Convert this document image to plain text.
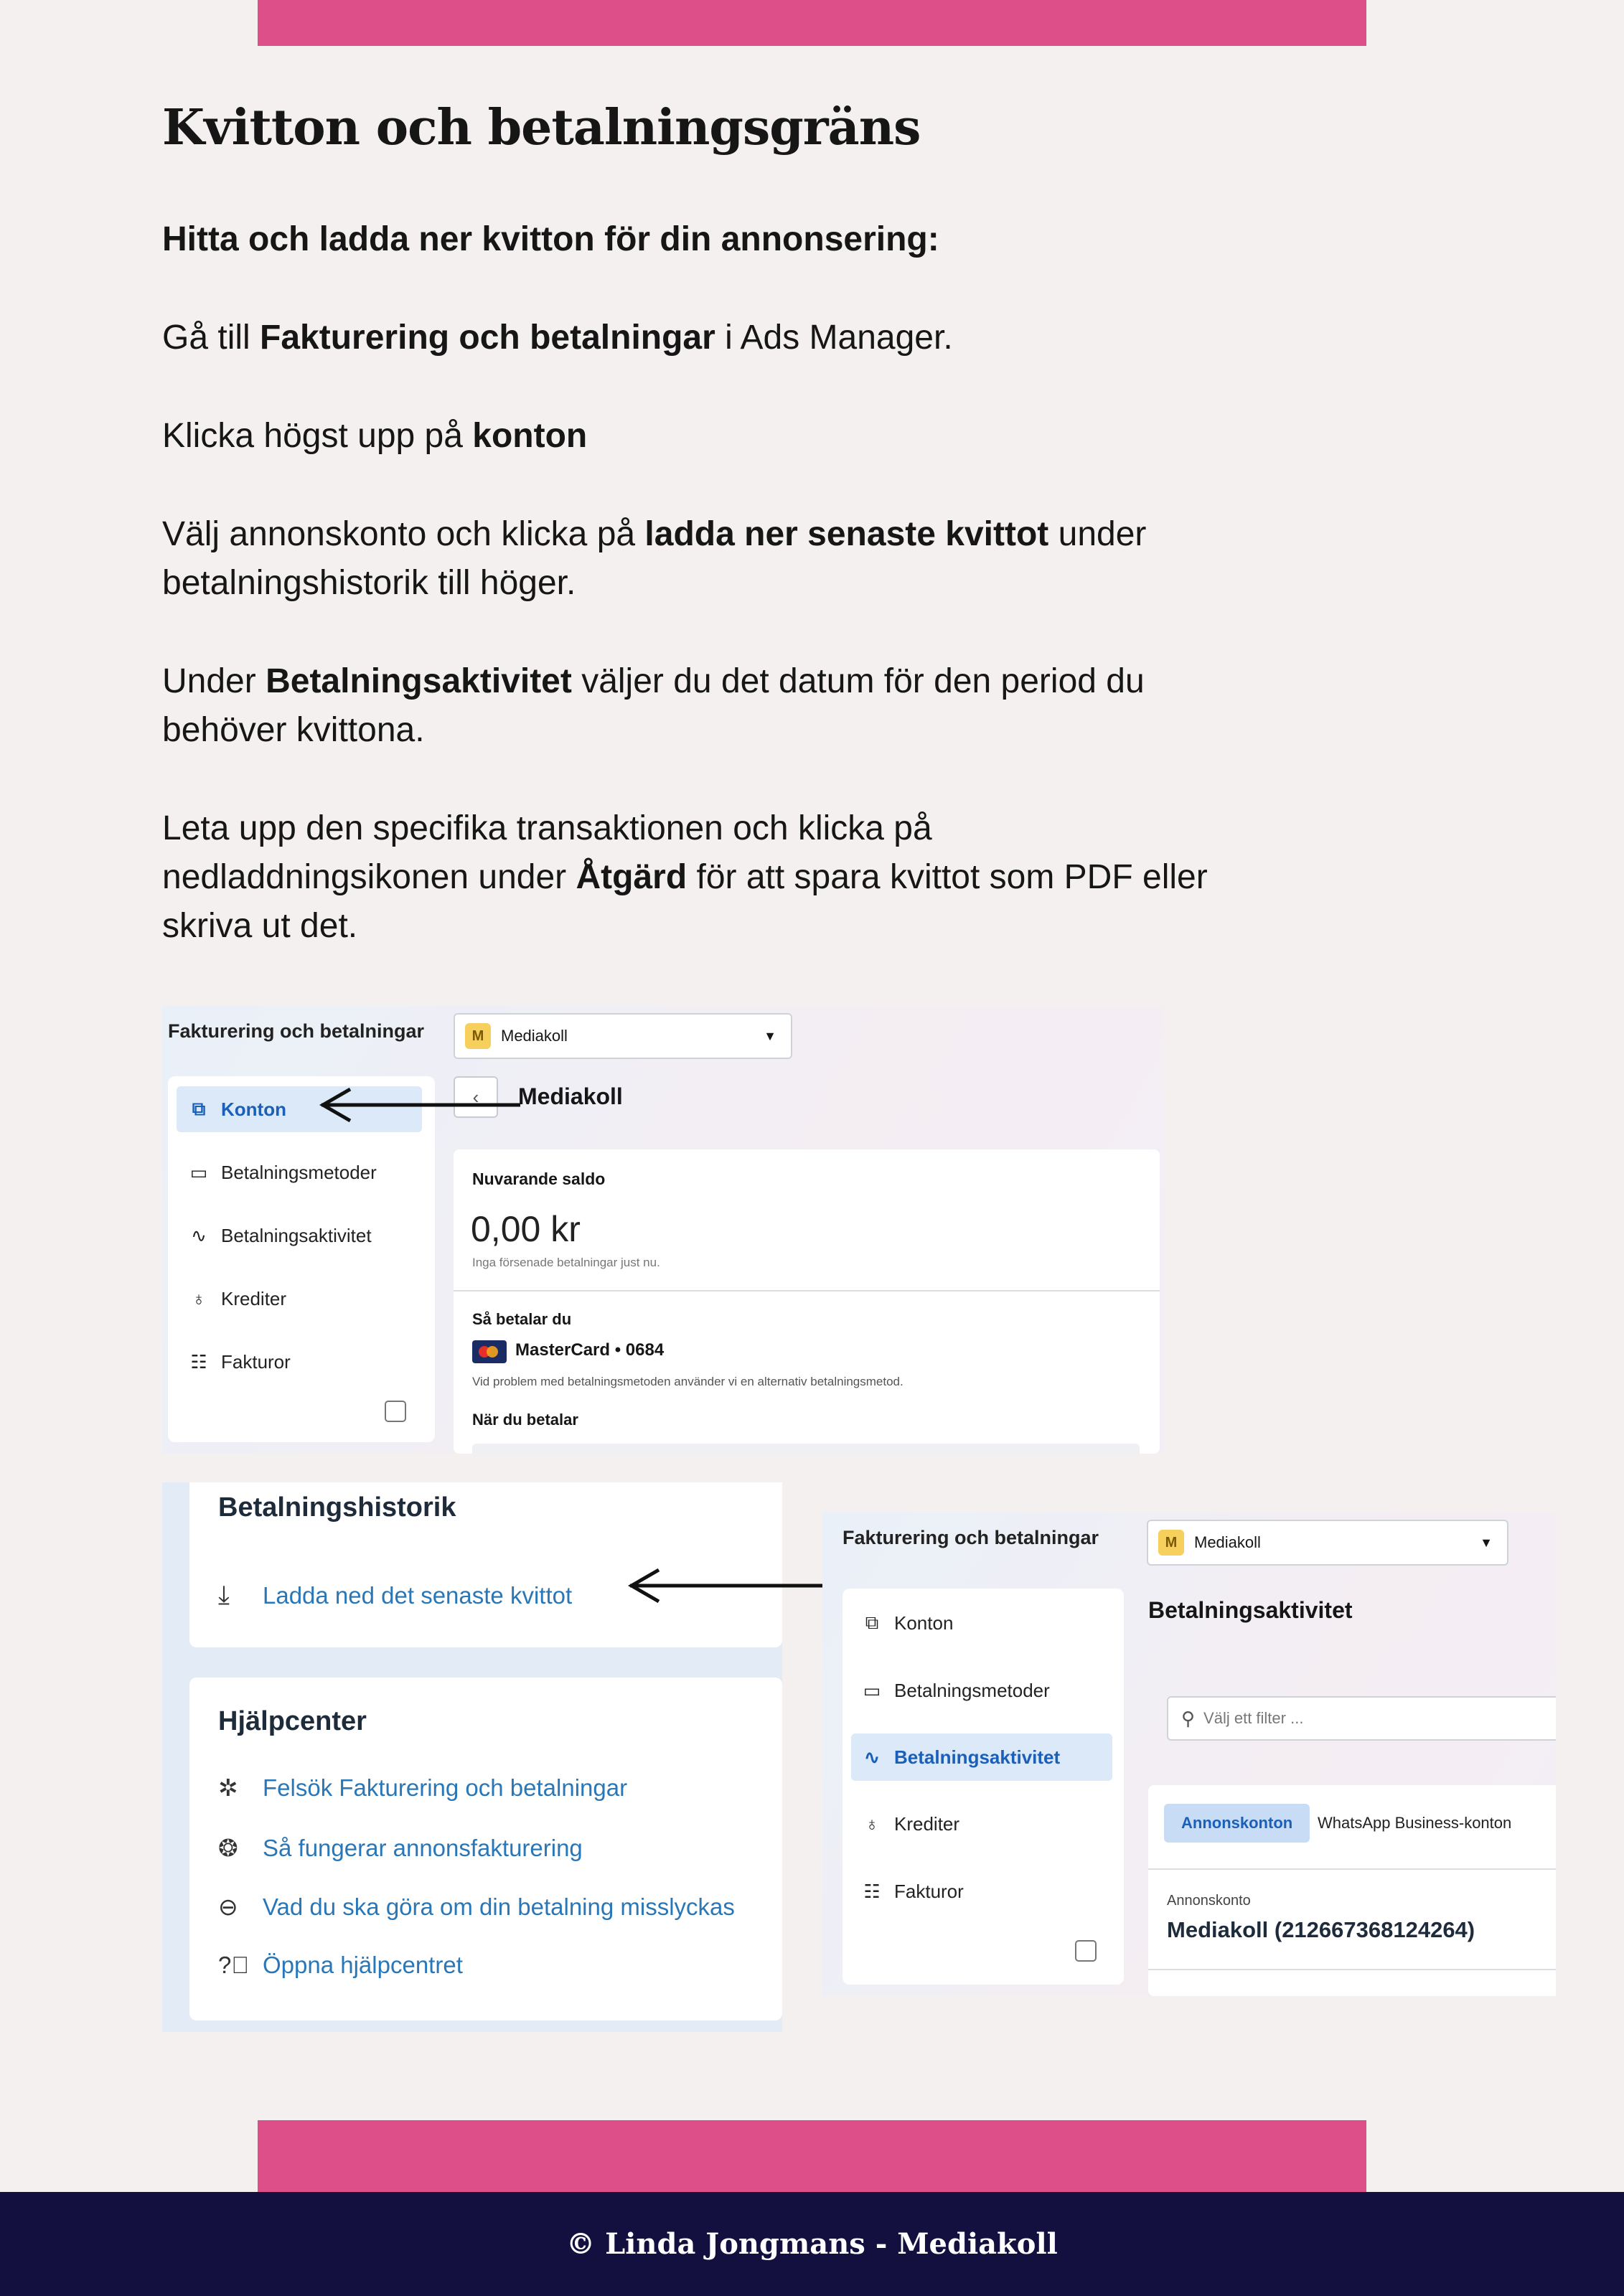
Kvitton och betalningsgräns

Hitta och ladda ner kvitton för din annonsering:

Gå till Fakturering och betalningar i Ads Manager.

Klicka högst upp på konton

Välj annonskonto och klicka på ladda ner senaste kvittot under
betalningshistorik till höger.

Under Betalningsaktivitet väljer du det datum för den period du
behöver kvittona.

Leta upp den specifika transaktionen och klicka på
nedladdningsikonen under Åtgärd för att spara kvittot som PDF eller
skriva ut det.

Fakturering och betalningar	M	Mediakoll	▼
⧉ Konton
▭ Betalningsmetoder
∿ Betalningsaktivitet
♁ Krediter
☷ Fakturor
‹	Mediakoll
Nuvarande saldo
0,00 kr
Inga försenade betalningar just nu.
Så betalar du
MasterCard • 0684
Vid problem med betalningsmetoden använder vi en alternativ betalningsmetod.
När du betalar
Betalningshistorik
⤓	Ladda ned det senaste kvittot
Hjälpcenter
✲	Felsök Fakturering och betalningar
❂	Så fungerar annonsfakturering
⊖	Vad du ska göra om din betalning misslyckas
?⃝ Öppna hjälpcentret
Fakturering och betalningar	M	Mediakoll	▼
⧉ Konton
▭ Betalningsmetoder
∿ Betalningsaktivitet
♁ Krediter
☷ Fakturor
Betalningsaktivitet
⚲ Välj ett filter ...
Annonskonton	WhatsApp Business-konton
Annonskonto
Mediakoll (212667368124264)
© Linda Jongmans - Mediakoll
